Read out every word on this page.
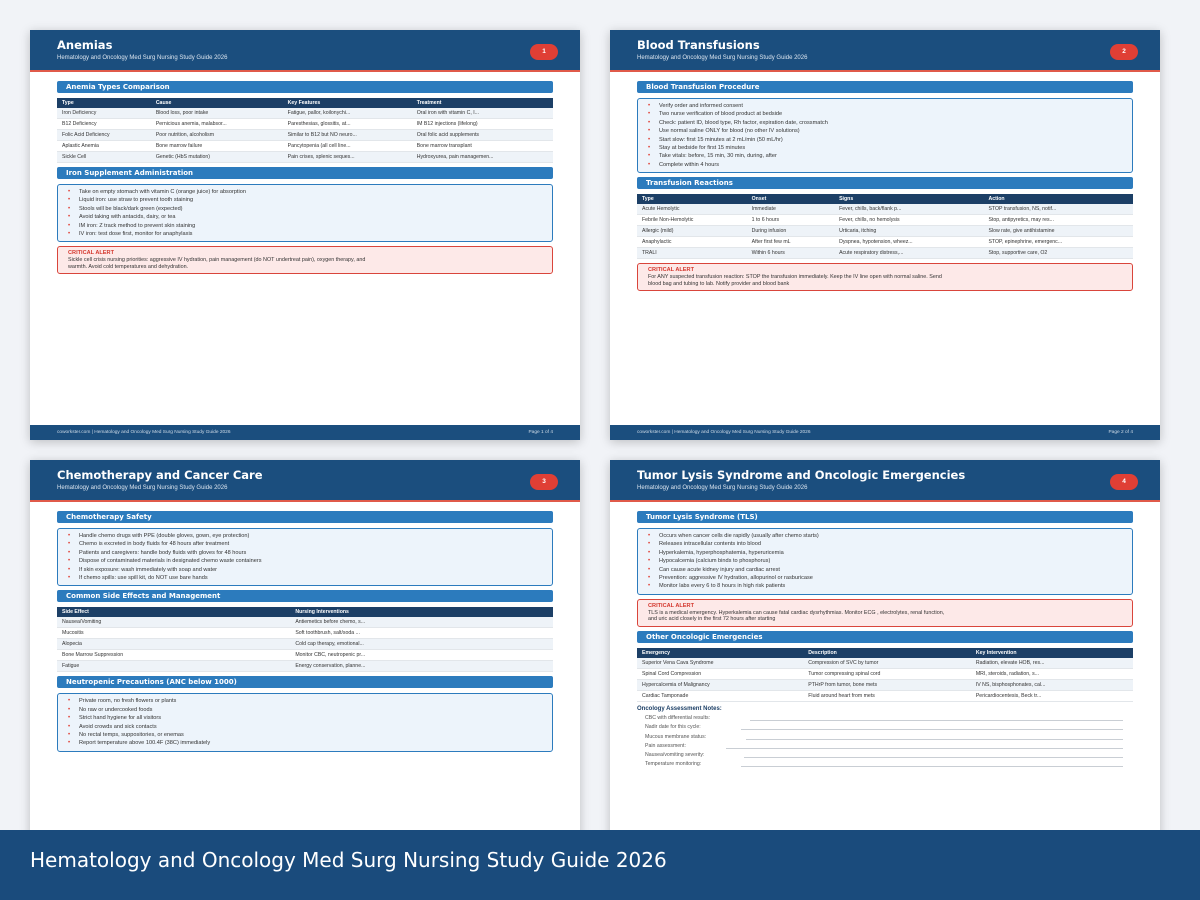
Anemias
Hematology and Oncology Med Surg Nursing Study Guide 2026
1
Anemia Types Comparison
Type	Cause	Key Features	Treatment
Iron Deficiency	Blood loss, poor intake	Fatigue, pallor, koilonychi...	Oral iron with vitamin C, I...
B12 Deficiency	Pernicious anemia, malabsor...	Paresthesias, glossitis, at...	IM B12 injections (lifelong)
Folic Acid Deficiency	Poor nutrition, alcoholism	Similar to B12 but NO neuro...	Oral folic acid supplements
Aplastic Anemia	Bone marrow failure	Pancytopenia (all cell line...	Bone marrow transplant
Sickle Cell	Genetic (HbS mutation)	Pain crises, splenic seques...	Hydroxyurea, pain managemen...
Iron Supplement Administration
• Take on empty stomach with vitamin C (orange juice) for absorption
• Liquid iron: use straw to prevent tooth staining
• Stools will be black/dark green (expected)
• Avoid taking with antacids, dairy, or tea
• IM iron: Z track method to prevent skin staining
• IV iron: test dose first, monitor for anaphylaxis
CRITICAL ALERT
Sickle cell crisis nursing priorities: aggressive IV hydration, pain management (do NOT undertreat pain), oxygen therapy, and warmth. Avoid cold temperatures and dehydration.
coworkster.com | Hematology and Oncology Med Surg Nursing Study Guide 2026	Page 1 of 4
Blood Transfusions
Hematology and Oncology Med Surg Nursing Study Guide 2026
2
Blood Transfusion Procedure
• Verify order and informed consent
• Two nurse verification of blood product at bedside
• Check: patient ID, blood type, Rh factor, expiration date, crossmatch
• Use normal saline ONLY for blood (no other IV solutions)
• Start slow: first 15 minutes at 2 mL/min (50 mL/hr)
• Stay at bedside for first 15 minutes
• Take vitals: before, 15 min, 30 min, during, after
• Complete within 4 hours
Transfusion Reactions
Type	Onset	Signs	Action
Acute Hemolytic	Immediate	Fever, chills, back/flank p...	STOP transfusion, NS, notif...
Febrile Non-Hemolytic	1 to 6 hours	Fever, chills, no hemolysis	Stop, antipyretics, may res...
Allergic (mild)	During infusion	Urticaria, itching	Slow rate, give antihistamine
Anaphylactic	After first few mL	Dyspnea, hypotension, wheez...	STOP, epinephrine, emergenc...
TRALI	Within 6 hours	Acute respiratory distress,...	Stop, supportive care, O2
CRITICAL ALERT
For ANY suspected transfusion reaction: STOP the transfusion immediately. Keep the IV line open with normal saline. Send blood bag and tubing to lab. Notify provider and blood bank
coworkster.com | Hematology and Oncology Med Surg Nursing Study Guide 2026	Page 2 of 4
Chemotherapy and Cancer Care
Hematology and Oncology Med Surg Nursing Study Guide 2026
3
Chemotherapy Safety
• Handle chemo drugs with PPE (double gloves, gown, eye protection)
• Chemo is excreted in body fluids for 48 hours after treatment
• Patients and caregivers: handle body fluids with gloves for 48 hours
• Dispose of contaminated materials in designated chemo waste containers
• If skin exposure: wash immediately with soap and water
• If chemo spills: use spill kit, do NOT use bare hands
Common Side Effects and Management
Side Effect	Nursing Interventions
Nausea/Vomiting	Antiemetics before chemo, s...
Mucositis	Soft toothbrush, salt/soda ...
Alopecia	Cold cap therapy, emotional...
Bone Marrow Suppression	Monitor CBC, neutropenic pr...
Fatigue	Energy conservation, planne...
Neutropenic Precautions (ANC below 1000)
• Private room, no fresh flowers or plants
• No raw or undercooked foods
• Strict hand hygiene for all visitors
• Avoid crowds and sick contacts
• No rectal temps, suppositories, or enemas
• Report temperature above 100.4F (38C) immediately
Tumor Lysis Syndrome and Oncologic Emergencies
Hematology and Oncology Med Surg Nursing Study Guide 2026
4
Tumor Lysis Syndrome (TLS)
• Occurs when cancer cells die rapidly (usually after chemo starts)
• Releases intracellular contents into blood
• Hyperkalemia, hyperphosphatemia, hyperuricemia
• Hypocalcemia (calcium binds to phosphorus)
• Can cause acute kidney injury and cardiac arrest
• Prevention: aggressive IV hydration, allopurinol or rasburicase
• Monitor labs every 6 to 8 hours in high risk patients
CRITICAL ALERT
TLS is a medical emergency. Hyperkalemia can cause fatal cardiac dysrhythmias. Monitor ECG , electrolytes, renal function, and uric acid closely in the first 72 hours after starting
Other Oncologic Emergencies
Emergency	Description	Key Intervention
Superior Vena Cava Syndrome	Compression of SVC by tumor	Radiation, elevate HOB, res...
Spinal Cord Compression	Tumor compressing spinal cord	MRI, steroids, radiation, s...
Hypercalcemia of Malignancy	PTHrP from tumor, bone mets	IV NS, bisphosphonates, cal...
Cardiac Tamponade	Fluid around heart from mets	Pericardiocentesis, Beck tr...
Oncology Assessment Notes:
CBC with differential results:
Nadir date for this cycle:
Mucous membrane status:
Pain assessment:
Nausea/vomiting severity:
Temperature monitoring:
Hematology and Oncology Med Surg Nursing Study Guide 2026
